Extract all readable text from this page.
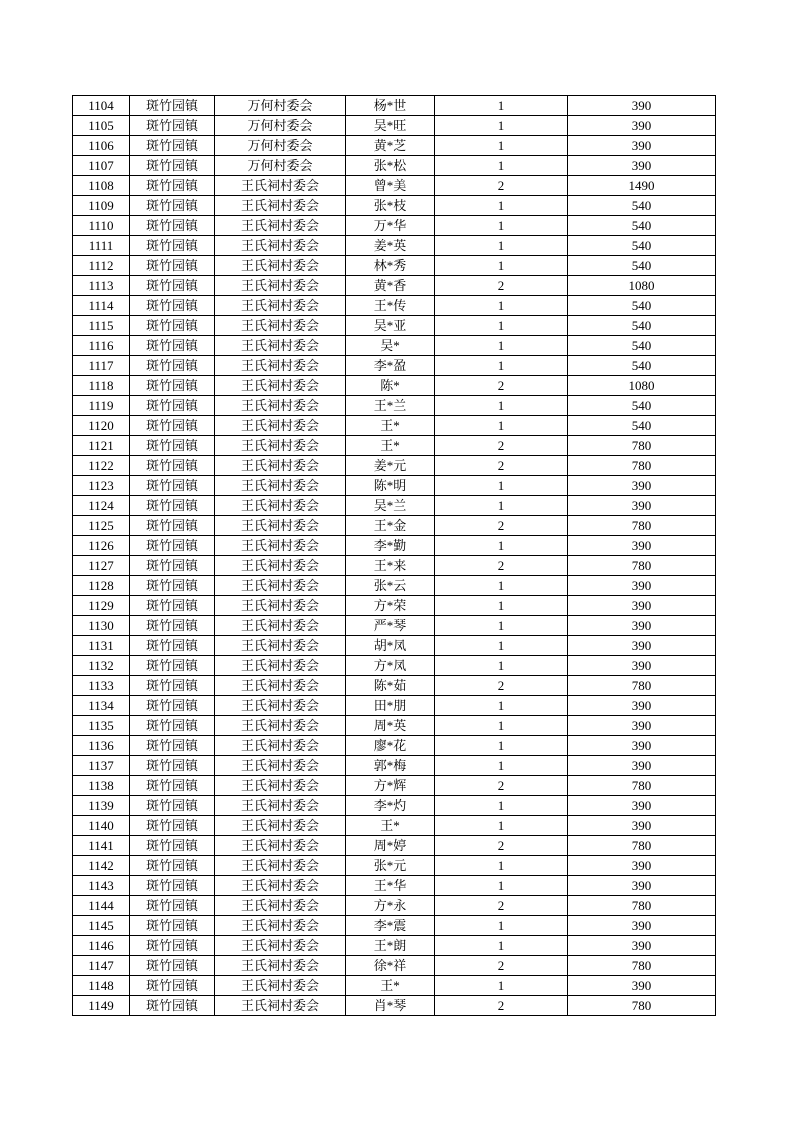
1104	斑竹园镇	万何村委会	杨*世	1	390
1105	斑竹园镇	万何村委会	吴*旺	1	390
1106	斑竹园镇	万何村委会	黄*芝	1	390
1107	斑竹园镇	万何村委会	张*松	1	390
1108	斑竹园镇	王氏祠村委会	曾*美	2	1490
1109	斑竹园镇	王氏祠村委会	张*枝	1	540
1110	斑竹园镇	王氏祠村委会	万*华	1	540
1111	斑竹园镇	王氏祠村委会	姜*英	1	540
1112	斑竹园镇	王氏祠村委会	林*秀	1	540
1113	斑竹园镇	王氏祠村委会	黄*香	2	1080
1114	斑竹园镇	王氏祠村委会	王*传	1	540
1115	斑竹园镇	王氏祠村委会	吴*亚	1	540
1116	斑竹园镇	王氏祠村委会	吴*	1	540
1117	斑竹园镇	王氏祠村委会	李*盈	1	540
1118	斑竹园镇	王氏祠村委会	陈*	2	1080
1119	斑竹园镇	王氏祠村委会	王*兰	1	540
1120	斑竹园镇	王氏祠村委会	王*	1	540
1121	斑竹园镇	王氏祠村委会	王*	2	780
1122	斑竹园镇	王氏祠村委会	姜*元	2	780
1123	斑竹园镇	王氏祠村委会	陈*明	1	390
1124	斑竹园镇	王氏祠村委会	吴*兰	1	390
1125	斑竹园镇	王氏祠村委会	王*金	2	780
1126	斑竹园镇	王氏祠村委会	李*勤	1	390
1127	斑竹园镇	王氏祠村委会	王*来	2	780
1128	斑竹园镇	王氏祠村委会	张*云	1	390
1129	斑竹园镇	王氏祠村委会	方*荣	1	390
1130	斑竹园镇	王氏祠村委会	严*琴	1	390
1131	斑竹园镇	王氏祠村委会	胡*凤	1	390
1132	斑竹园镇	王氏祠村委会	方*凤	1	390
1133	斑竹园镇	王氏祠村委会	陈*茹	2	780
1134	斑竹园镇	王氏祠村委会	田*朋	1	390
1135	斑竹园镇	王氏祠村委会	周*英	1	390
1136	斑竹园镇	王氏祠村委会	廖*花	1	390
1137	斑竹园镇	王氏祠村委会	郭*梅	1	390
1138	斑竹园镇	王氏祠村委会	方*辉	2	780
1139	斑竹园镇	王氏祠村委会	李*灼	1	390
1140	斑竹园镇	王氏祠村委会	王*	1	390
1141	斑竹园镇	王氏祠村委会	周*婷	2	780
1142	斑竹园镇	王氏祠村委会	张*元	1	390
1143	斑竹园镇	王氏祠村委会	王*华	1	390
1144	斑竹园镇	王氏祠村委会	方*永	2	780
1145	斑竹园镇	王氏祠村委会	李*震	1	390
1146	斑竹园镇	王氏祠村委会	王*朗	1	390
1147	斑竹园镇	王氏祠村委会	徐*祥	2	780
1148	斑竹园镇	王氏祠村委会	王*	1	390
1149	斑竹园镇	王氏祠村委会	肖*琴	2	780
